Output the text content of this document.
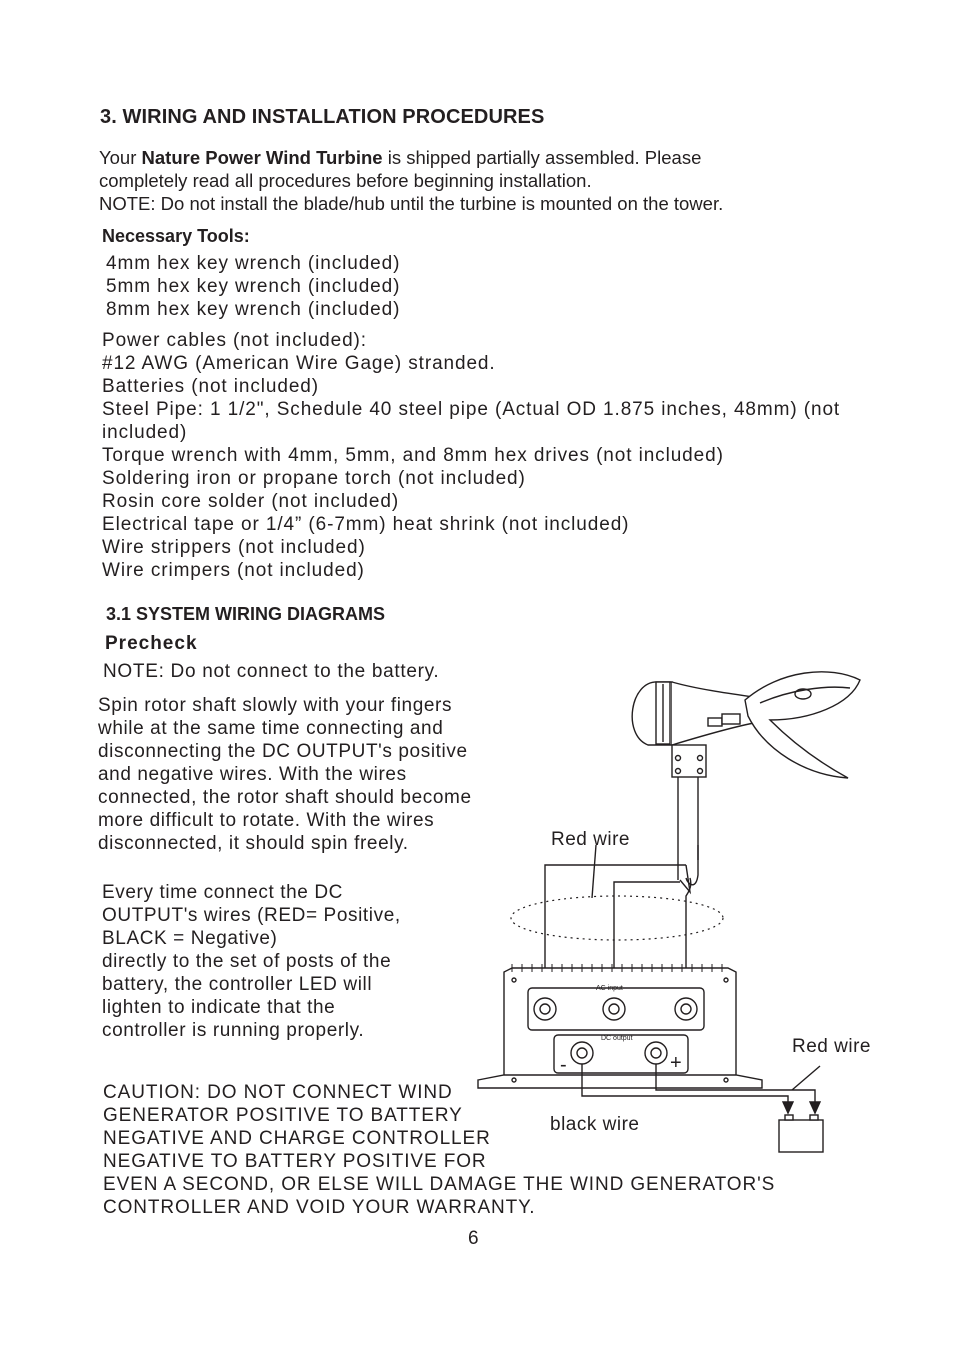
3. WIRING AND INSTALLATION PROCEDURES
Your Nature Power Wind Turbine is shipped partially assembled. Please
completely read all procedures before beginning installation.
NOTE: Do not install the blade/hub until the turbine is mounted on the tower.
Necessary Tools:
4mm hex key wrench (included)
5mm hex key wrench (included)
8mm hex key wrench (included)
Power cables (not included):
#12 AWG (American Wire Gage) stranded.
Batteries (not included)
Steel Pipe: 1 1/2", Schedule 40 steel pipe (Actual OD 1.875 inches, 48mm) (not included)
Torque wrench with 4mm, 5mm, and 8mm hex drives (not included)
Soldering iron or propane torch (not included)
Rosin core solder (not included)
Electrical tape or 1/4” (6-7mm) heat shrink (not included)
Wire strippers (not included)
Wire crimpers (not included)
3.1 SYSTEM WIRING DIAGRAMS
Precheck
NOTE: Do not connect to the battery.
Spin rotor shaft slowly with your fingers
while at the same time connecting and
disconnecting the DC OUTPUT's positive
and negative wires. With the wires
connected, the rotor shaft should become
more difficult to rotate. With the wires
disconnected, it should spin freely.
Every time connect the DC
OUTPUT's wires (RED= Positive,
BLACK = Negative)
directly to the set of posts of the
battery, the controller LED will
lighten to indicate that the
controller is running properly.
AC input
DC output
-	+
Red wire
Red wire
black wire
CAUTION: DO NOT CONNECT WIND
GENERATOR POSITIVE TO BATTERY
NEGATIVE AND CHARGE CONTROLLER
NEGATIVE TO BATTERY POSITIVE FOR
EVEN A SECOND, OR ELSE WILL DAMAGE THE WIND GENERATOR'S
CONTROLLER AND VOID YOUR WARRANTY.
6
